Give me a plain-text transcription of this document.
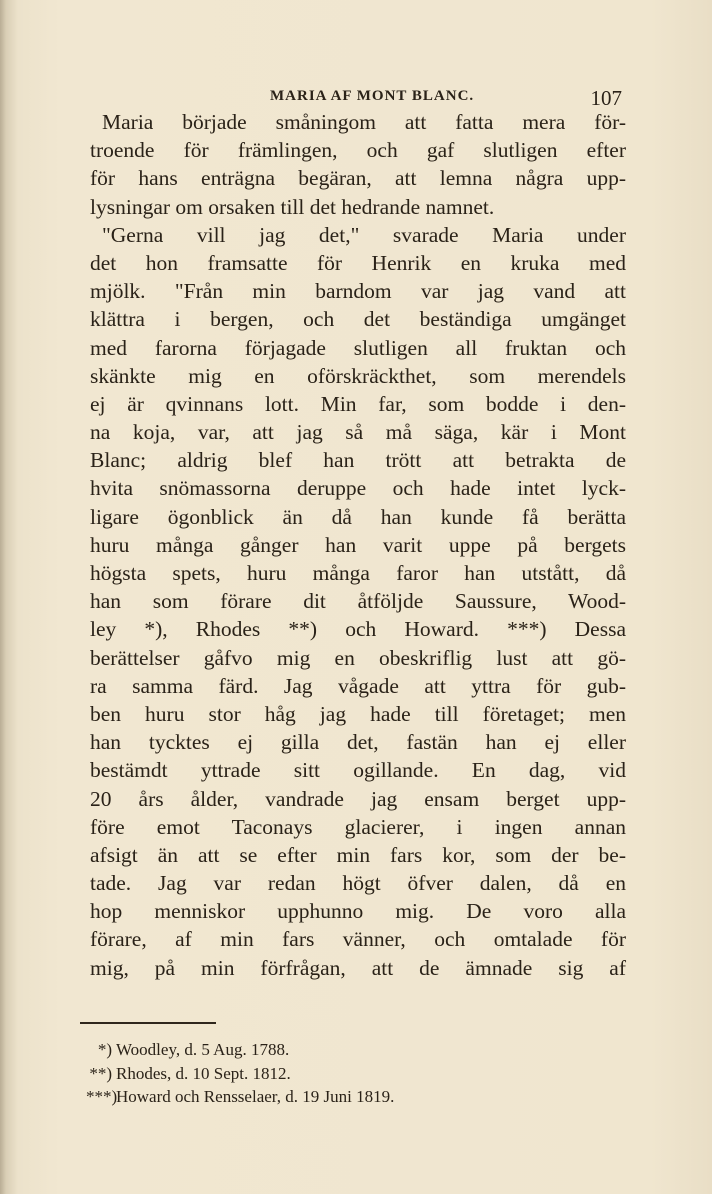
MARIA AF MONT BLANC.	107
Maria började småningom att fatta mera för-
troende för främlingen, och gaf slutligen efter
för hans enträgna begäran, att lemna några upp-
lysningar om orsaken till det hedrande namnet.
"Gerna vill jag det," svarade Maria under
det hon framsatte för Henrik en kruka med
mjölk. "Från min barndom var jag vand att
klättra i bergen, och det beständiga umgänget
med farorna förjagade slutligen all fruktan och
skänkte mig en oförskräckthet, som merendels
ej är qvinnans lott. Min far, som bodde i den-
na koja, var, att jag så må säga, kär i Mont
Blanc; aldrig blef han trött att betrakta de
hvita snömassorna deruppe och hade intet lyck-
ligare ögonblick än då han kunde få berätta
huru många gånger han varit uppe på bergets
högsta spets, huru många faror han utstått, då
han som förare dit åtföljde Saussure, Wood-
ley *), Rhodes **) och Howard. ***) Dessa
berättelser gåfvo mig en obeskriflig lust att gö-
ra samma färd. Jag vågade att yttra för gub-
ben huru stor håg jag hade till företaget; men
han tycktes ej gilla det, fastän han ej eller
bestämdt yttrade sitt ogillande. En dag, vid
20 års ålder, vandrade jag ensam berget upp-
före emot Taconays glacierer, i ingen annan
afsigt än att se efter min fars kor, som der be-
tade. Jag var redan högt öfver dalen, då en
hop menniskor upphunno mig. De voro alla
förare, af min fars vänner, och omtalade för
mig, på min förfrågan, att de ämnade sig af
*) Woodley, d. 5 Aug. 1788.
**) Rhodes, d. 10 Sept. 1812.
***)Howard och Rensselaer, d. 19 Juni 1819.
